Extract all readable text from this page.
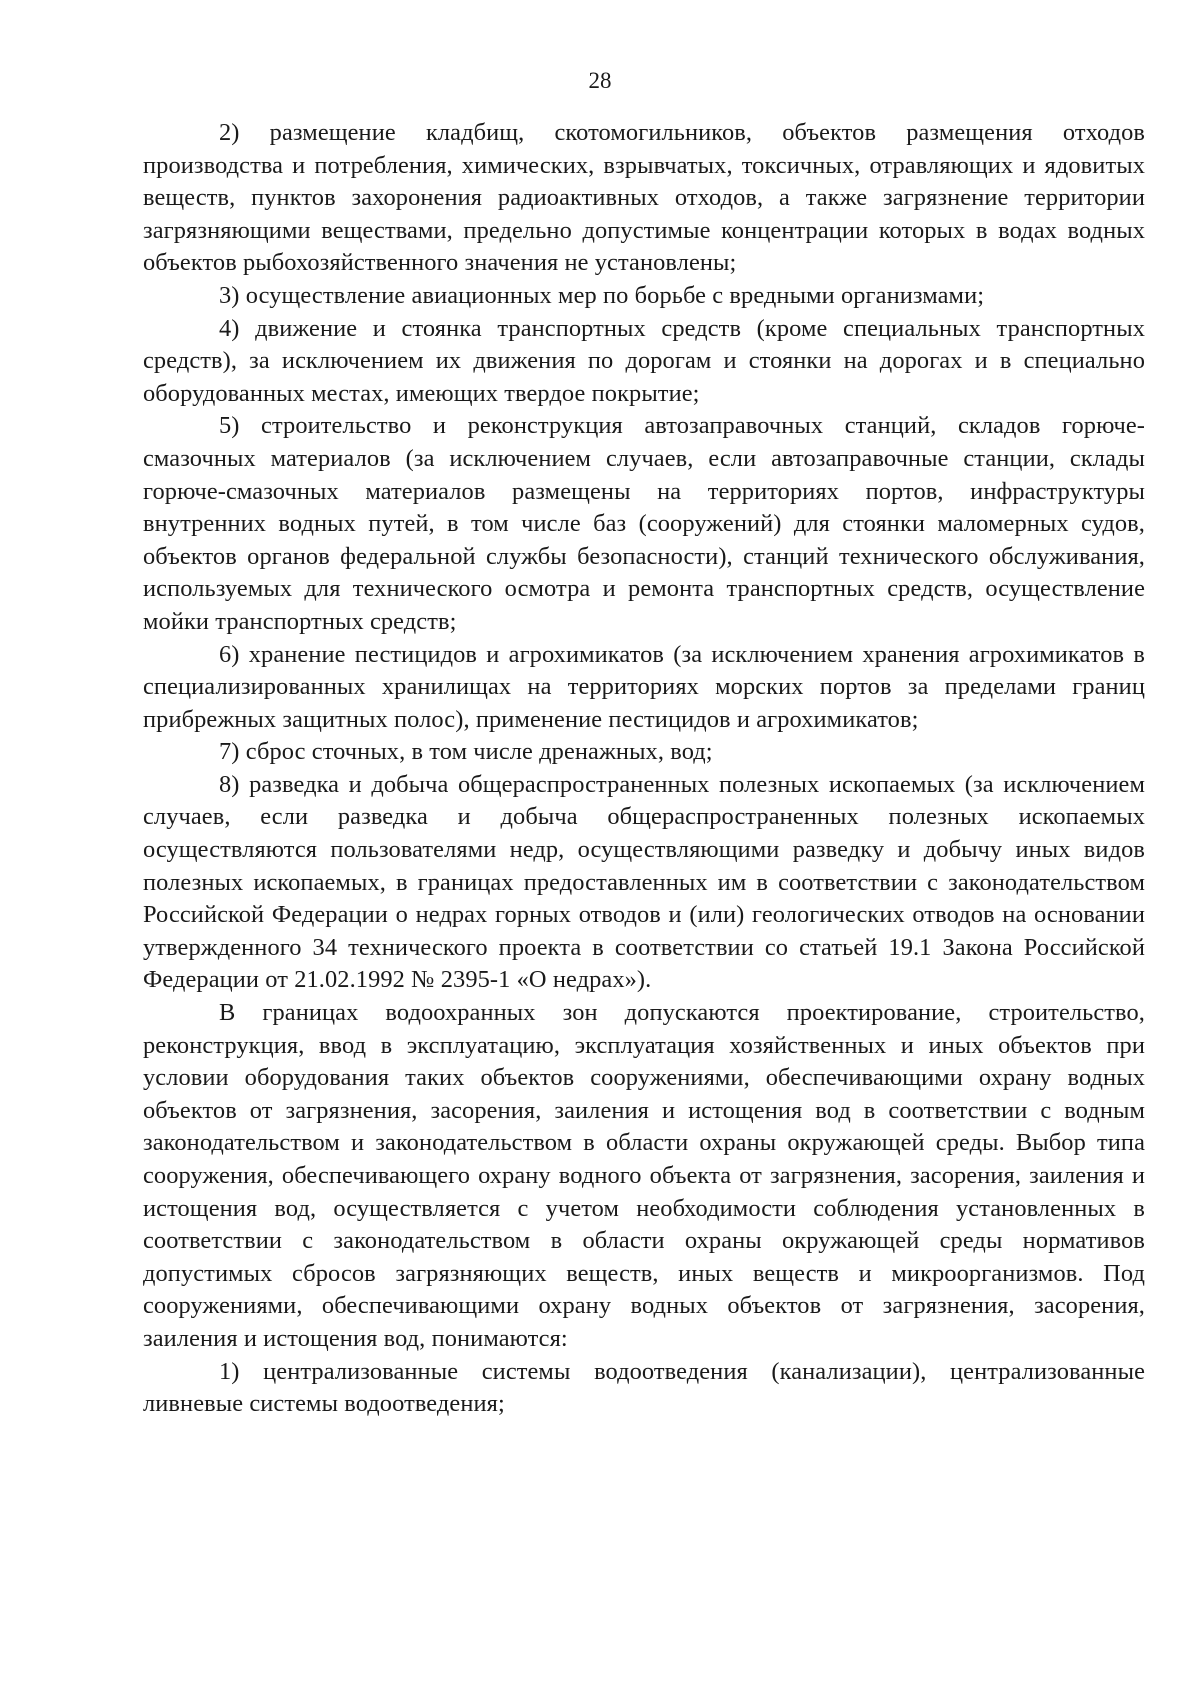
28

2) размещение кладбищ, скотомогильников, объектов размещения отходов производства и потребления, химических, взрывчатых, токсичных, отравляющих и ядовитых веществ, пунктов захоронения радиоактивных отходов, а также загрязнение территории загрязняющими веществами, предельно допустимые концентрации которых в водах водных объектов рыбохозяйственного значения не установлены;

3) осуществление авиационных мер по борьбе с вредными организмами;

4) движение и стоянка транспортных средств (кроме специальных транспортных средств), за исключением их движения по дорогам и стоянки на дорогах и в специально оборудованных местах, имеющих твердое покрытие;

5) строительство и реконструкция автозаправочных станций, складов горюче-смазочных материалов (за исключением случаев, если автозаправочные станции, склады горюче-смазочных материалов размещены на территориях портов, инфраструктуры внутренних водных путей, в том числе баз (сооружений) для стоянки маломерных судов, объектов органов федеральной службы безопасности), станций технического обслуживания, используемых для технического осмотра и ремонта транспортных средств, осуществление мойки транспортных средств;

6) хранение пестицидов и агрохимикатов (за исключением хранения агрохимикатов в специализированных хранилищах на территориях морских портов за пределами границ прибрежных защитных полос), применение пестицидов и агрохимикатов;

7) сброс сточных, в том числе дренажных, вод;

8) разведка и добыча общераспространенных полезных ископаемых (за исключением случаев, если разведка и добыча общераспространенных полезных ископаемых осуществляются пользователями недр, осуществляющими разведку и добычу иных видов полезных ископаемых, в границах предоставленных им в соответствии с законодательством Российской Федерации о недрах горных отводов и (или) геологических отводов на основании утвержденного 34 технического проекта в соответствии со статьей 19.1 Закона Российской Федерации от 21.02.1992 № 2395-1 «О недрах»).

В границах водоохранных зон допускаются проектирование, строительство, реконструкция, ввод в эксплуатацию, эксплуатация хозяйственных и иных объектов при условии оборудования таких объектов сооружениями, обеспечивающими охрану водных объектов от загрязнения, засорения, заиления и истощения вод в соответствии с водным законодательством и законодательством в области охраны окружающей среды. Выбор типа сооружения, обеспечивающего охрану водного объекта от загрязнения, засорения, заиления и истощения вод, осуществляется с учетом необходимости соблюдения установленных в соответствии с законодательством в области охраны окружающей среды нормативов допустимых сбросов загрязняющих веществ, иных веществ и микроорганизмов. Под сооружениями, обеспечивающими охрану водных объектов от загрязнения, засорения, заиления и истощения вод, понимаются:

1) централизованные системы водоотведения (канализации), централизованные ливневые системы водоотведения;
